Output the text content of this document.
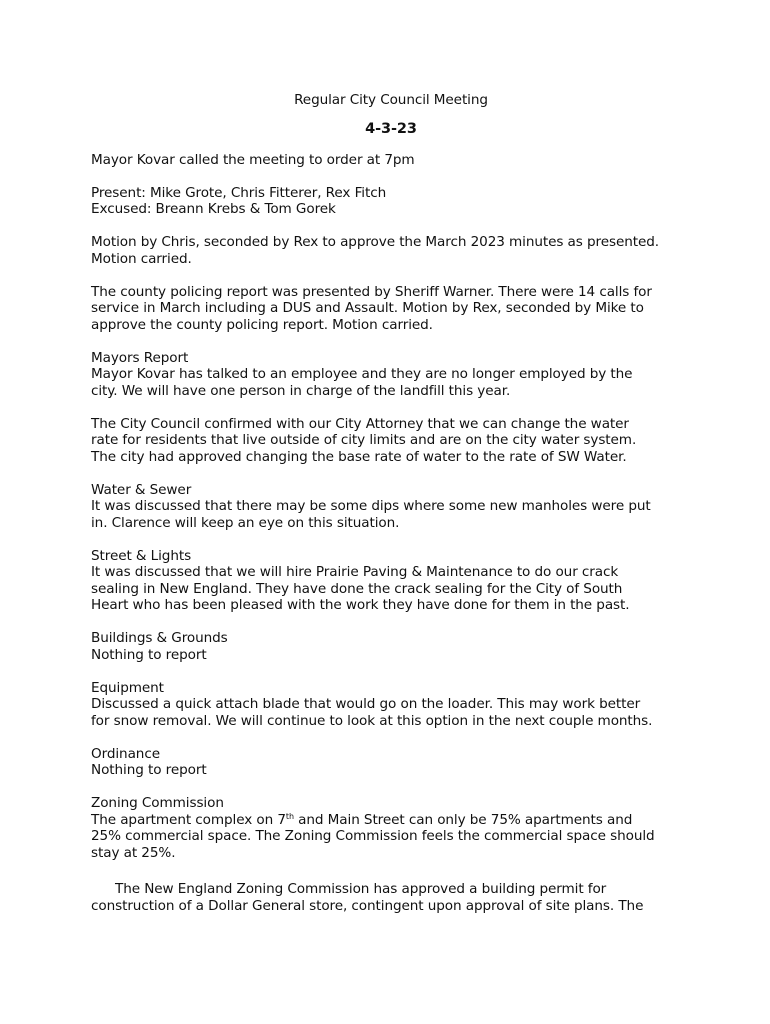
Regular City Council Meeting

4-3-23

Mayor Kovar called the meeting to order at 7pm

Present: Mike Grote, Chris Fitterer, Rex Fitch

Excused: Breann Krebs & Tom Gorek

Motion by Chris, seconded by Rex to approve the March 2023 minutes as presented.
Motion carried.

The county policing report was presented by Sheriff Warner. There were 14 calls for
service in March including a DUS and Assault. Motion by Rex, seconded by Mike to
approve the county policing report. Motion carried.

Mayors Report

Mayor Kovar has talked to an employee and they are no longer employed by the
city. We will have one person in charge of the landfill this year.

The City Council confirmed with our City Attorney that we can change the water
rate for residents that live outside of city limits and are on the city water system.
The city had approved changing the base rate of water to the rate of SW Water.

Water & Sewer

It was discussed that there may be some dips where some new manholes were put
in. Clarence will keep an eye on this situation.

Street & Lights

It was discussed that we will hire Prairie Paving & Maintenance to do our crack
sealing in New England. They have done the crack sealing for the City of South
Heart who has been pleased with the work they have done for them in the past.

Buildings & Grounds

Nothing to report

Equipment

Discussed a quick attach blade that would go on the loader. This may work better
for snow removal. We will continue to look at this option in the next couple months.

Ordinance

Nothing to report

Zoning Commission

The apartment complex on 7th and Main Street can only be 75% apartments and
25% commercial space. The Zoning Commission feels the commercial space should
stay at 25%.

The New England Zoning Commission has approved a building permit for
construction of a Dollar General store, contingent upon approval of site plans. The
